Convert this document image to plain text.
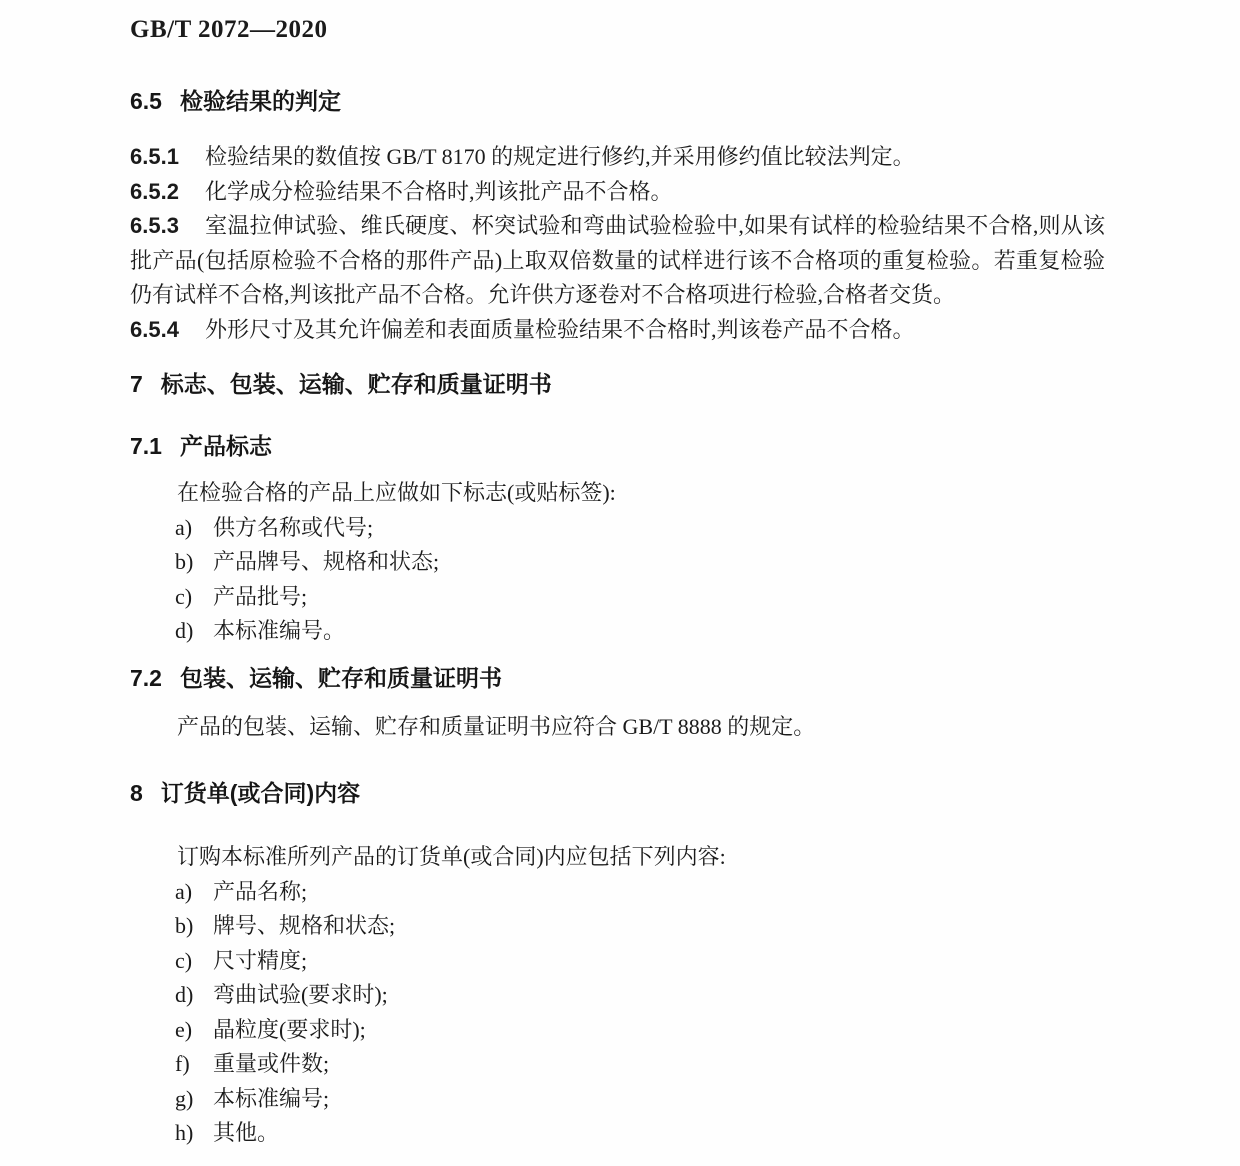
GB/T 2072—2020
6.5 检验结果的判定

6.5.1 检验结果的数值按 GB/T 8170 的规定进行修约,并采用修约值比较法判定。

6.5.2 化学成分检验结果不合格时,判该批产品不合格。

6.5.3 室温拉伸试验、维氏硬度、杯突试验和弯曲试验检验中,如果有试样的检验结果不合格,则从该批产品(包括原检验不合格的那件产品)上取双倍数量的试样进行该不合格项的重复检验。若重复检验仍有试样不合格,判该批产品不合格。允许供方逐卷对不合格项进行检验,合格者交货。

6.5.4 外形尺寸及其允许偏差和表面质量检验结果不合格时,判该卷产品不合格。

7 标志、包装、运输、贮存和质量证明书
7.1 产品标志

在检验合格的产品上应做如下标志(或贴标签):

a) 供方名称或代号;

b) 产品牌号、规格和状态;

c) 产品批号;

d) 本标准编号。

7.2 包装、运输、贮存和质量证明书

产品的包装、运输、贮存和质量证明书应符合 GB/T 8888 的规定。

8 订货单(或合同)内容

订购本标准所列产品的订货单(或合同)内应包括下列内容:

a) 产品名称;

b) 牌号、规格和状态;

c) 尺寸精度;

d) 弯曲试验(要求时);

e) 晶粒度(要求时);

f) 重量或件数;

g) 本标准编号;

h) 其他。
